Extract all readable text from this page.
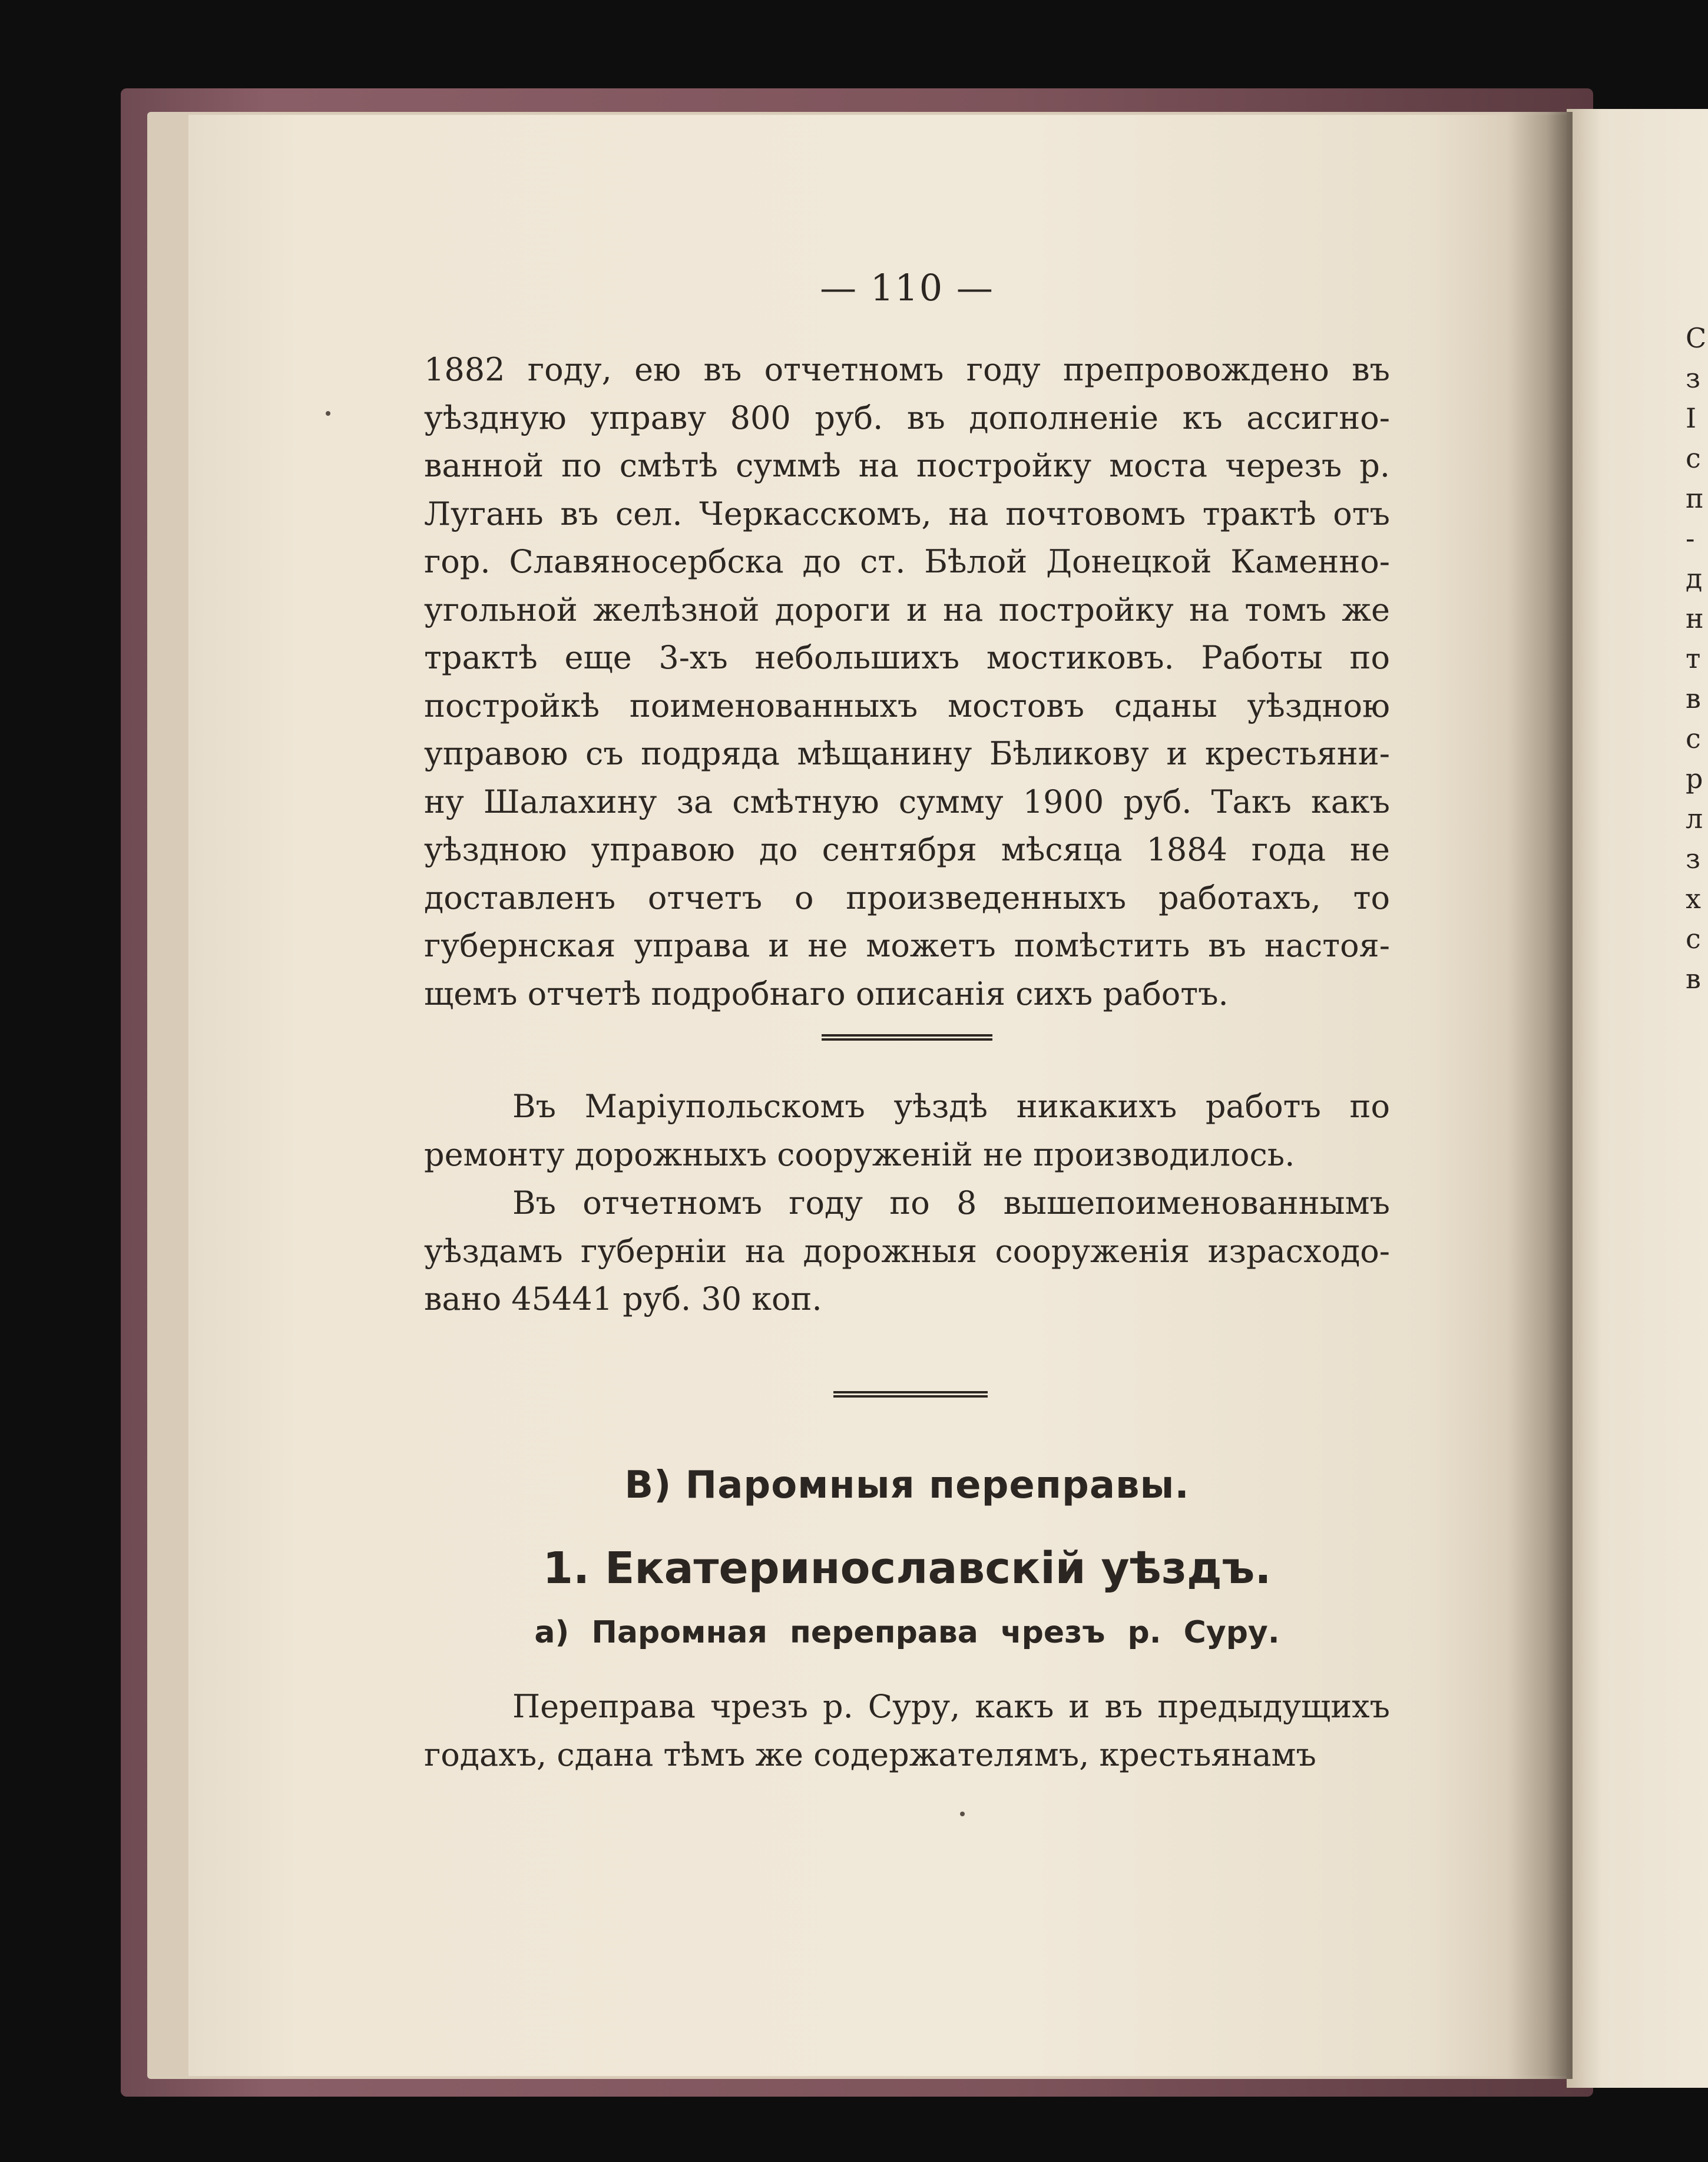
С
з
І
с
п
-
д
н
т
в
с
р
л
з
х
с
в
— 110 —
1882 году, ею въ отчетномъ году препровождено въ
уѣздную управу 800 руб. въ дополненіе къ ассигно-
ванной по смѣтѣ суммѣ на постройку моста черезъ р.
Лугань въ сел. Черкасскомъ, на почтовомъ трактѣ отъ
гор. Славяносербска до ст. Бѣлой Донецкой Каменно-
угольной желѣзной дороги и на постройку на томъ же
трактѣ еще 3-хъ небольшихъ мостиковъ. Работы по
постройкѣ поименованныхъ мостовъ сданы уѣздною
управою съ подряда мѣщанину Бѣликову и крестьяни-
ну Шалахину за смѣтную сумму 1900 руб. Такъ какъ
уѣздною управою до сентября мѣсяца 1884 года не
доставленъ отчетъ о произведенныхъ работахъ, то
губернская управа и не можетъ помѣстить въ настоя-
щемъ отчетѣ подробнаго описанія сихъ работъ.
Въ Маріупольскомъ уѣздѣ никакихъ работъ по
ремонту дорожныхъ сооруженій не производилось.
Въ отчетномъ году по 8 вышепоименованнымъ
уѣздамъ губерніи на дорожныя сооруженія израсходо-
вано 45441 руб. 30 коп.
В) Паромныя переправы.
1. Екатеринославскій уѣздъ.
а) Паромная переправа чрезъ р. Суру.
Переправа чрезъ р. Суру, какъ и въ предыдущихъ
годахъ, сдана тѣмъ же содержателямъ, крестьянамъ
